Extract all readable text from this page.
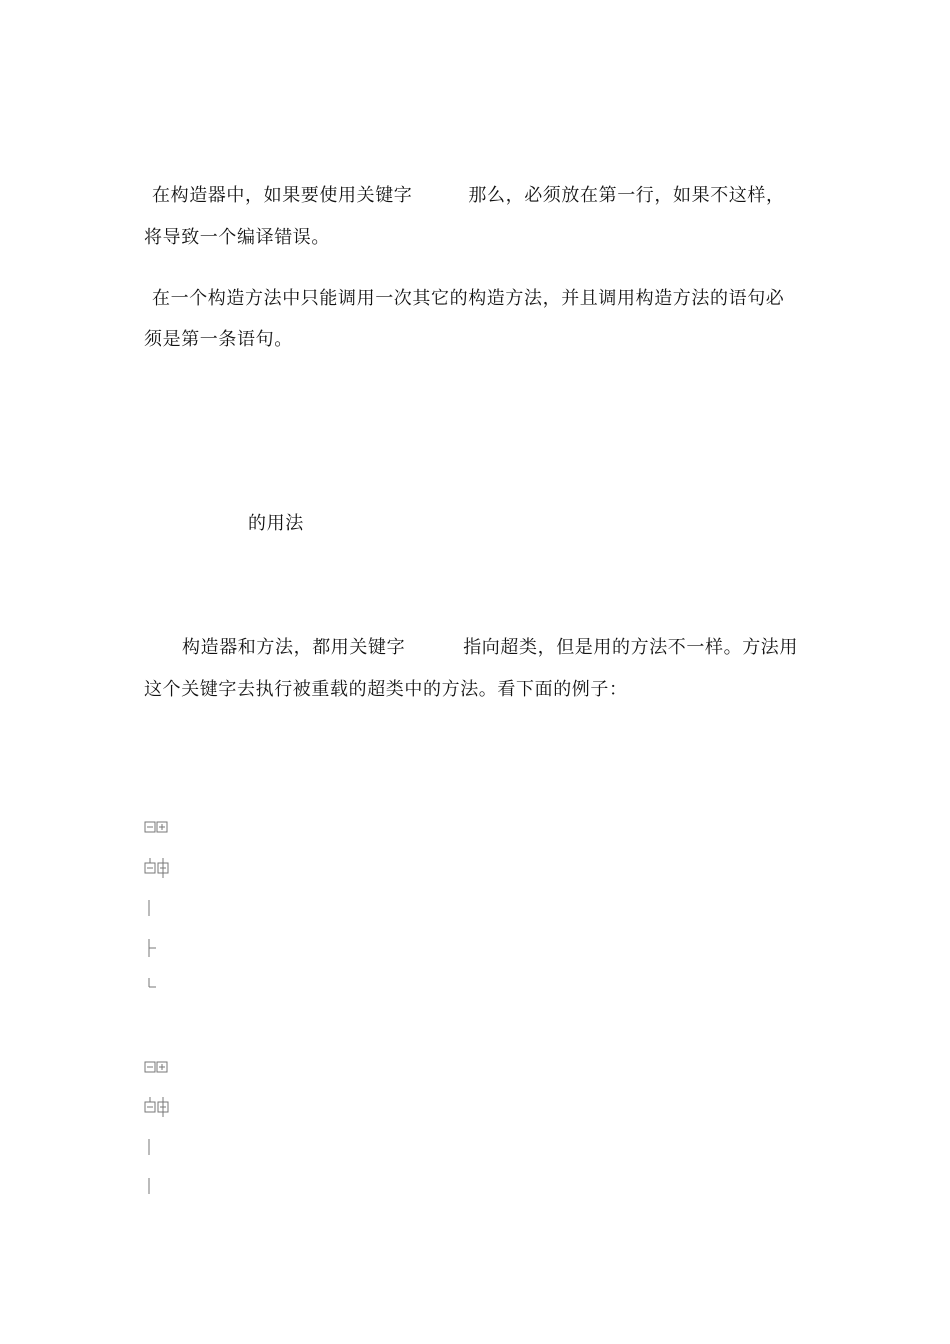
在构造器中，如果要使用关键字	那么，必须放在第一行，如果不这样，
将导致一个编译错误。
在一个构造方法中只能调用一次其它的构造方法，并且调用构造方法的语句必
须是第一条语句。
的用法
构造器和方法，都用关键字	指向超类，但是用的方法不一样。方法用
这个关键字去执行被重载的超类中的方法。看下面的例子：
